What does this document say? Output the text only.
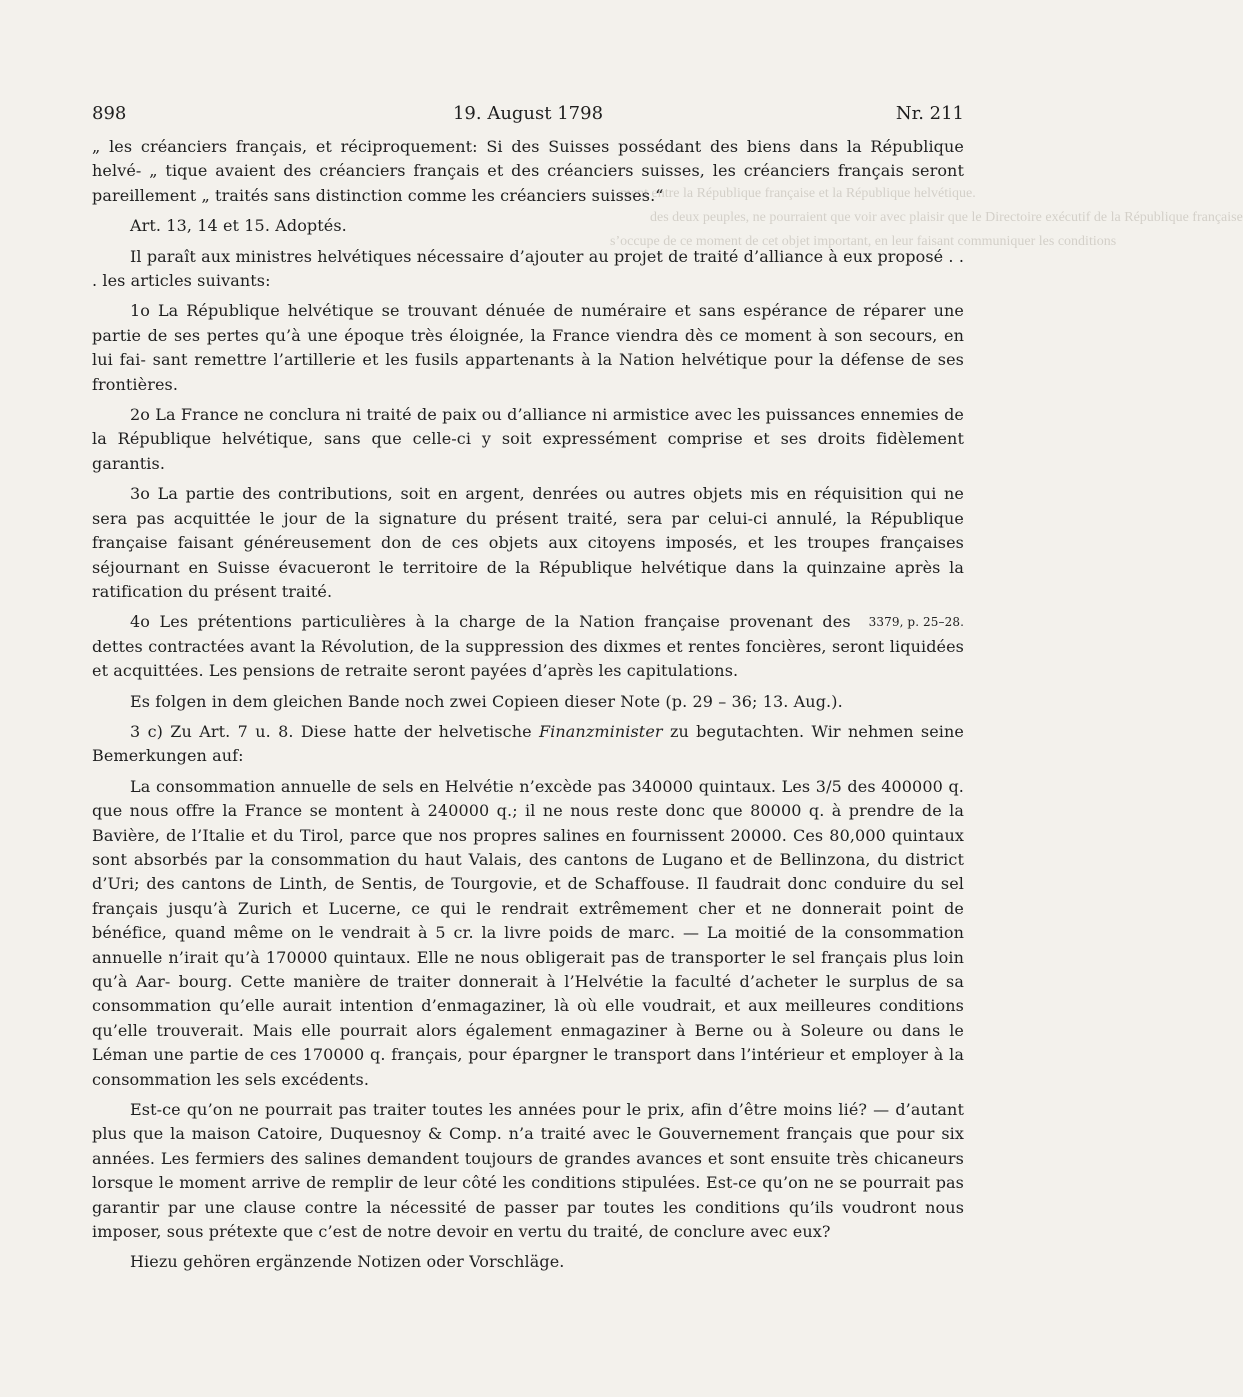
ment entre la République française et la République helvétique.
des deux peuples, ne pourraient que voir avec plaisir que le Directoire exécutif de la République française
s’occupe de ce moment de cet objet important, en leur faisant communiquer les conditions
898	19. August 1798	Nr. 211

„ les créanciers français, et réciproquement: Si des Suisses possédant des biens dans la République helvé- „ tique avaient des créanciers français et des créanciers suisses, les créanciers français seront pareillement „ traités sans distinction comme les créanciers suisses.“

Art. 13, 14 et 15. Adoptés.

Il paraît aux ministres helvétiques nécessaire d’ajouter au projet de traité d’alliance à eux proposé . . . les articles suivants:

1o La République helvétique se trouvant dénuée de numéraire et sans espérance de réparer une partie de ses pertes qu’à une époque très éloignée, la France viendra dès ce moment à son secours, en lui fai- sant remettre l’artillerie et les fusils appartenants à la Nation helvétique pour la défense de ses frontières.

2o La France ne conclura ni traité de paix ou d’alliance ni armistice avec les puissances ennemies de la République helvétique, sans que celle-ci y soit expressément comprise et ses droits fidèlement garantis.

3o La partie des contributions, soit en argent, denrées ou autres objets mis en réquisition qui ne sera pas acquittée le jour de la signature du présent traité, sera par celui-ci annulé, la République française faisant généreusement don de ces objets aux citoyens imposés, et les troupes françaises séjournant en Suisse évacueront le territoire de la République helvétique dans la quinzaine après la ratification du présent traité.

3379, p. 25–28.

4o Les prétentions particulières à la charge de la Nation française provenant des dettes contractées avant la Révolution, de la suppression des dixmes et rentes foncières, seront liquidées et acquittées. Les pensions de retraite seront payées d’après les capitulations.

Es folgen in dem gleichen Bande noch zwei Copieen dieser Note (p. 29 – 36; 13. Aug.).

3 c) Zu Art. 7 u. 8. Diese hatte der helvetische Finanzminister zu begutachten. Wir nehmen seine Bemerkungen auf:

La consommation annuelle de sels en Helvétie n’excède pas 340000 quintaux. Les 3/5 des 400000 q. que nous offre la France se montent à 240000 q.; il ne nous reste donc que 80000 q. à prendre de la Bavière, de l’Italie et du Tirol, parce que nos propres salines en fournissent 20000. Ces 80,000 quintaux sont absorbés par la consommation du haut Valais, des cantons de Lugano et de Bellinzona, du district d’Uri; des cantons de Linth, de Sentis, de Tourgovie, et de Schaffouse. Il faudrait donc conduire du sel français jusqu’à Zurich et Lucerne, ce qui le rendrait extrêmement cher et ne donnerait point de bénéfice, quand même on le vendrait à 5 cr. la livre poids de marc. — La moitié de la consommation annuelle n’irait qu’à 170000 quintaux. Elle ne nous obligerait pas de transporter le sel français plus loin qu’à Aar- bourg. Cette manière de traiter donnerait à l’Helvétie la faculté d’acheter le surplus de sa consommation qu’elle aurait intention d’enmagaziner, là où elle voudrait, et aux meilleures conditions qu’elle trouverait. Mais elle pourrait alors également enmagaziner à Berne ou à Soleure ou dans le Léman une partie de ces 170000 q. français, pour épargner le transport dans l’intérieur et employer à la consommation les sels excédents.

Est-ce qu’on ne pourrait pas traiter toutes les années pour le prix, afin d’être moins lié? — d’autant plus que la maison Catoire, Duquesnoy & Comp. n’a traité avec le Gouvernement français que pour six années. Les fermiers des salines demandent toujours de grandes avances et sont ensuite très chicaneurs lorsque le moment arrive de remplir de leur côté les conditions stipulées. Est-ce qu’on ne se pourrait pas garantir par une clause contre la nécessité de passer par toutes les conditions qu’ils voudront nous imposer, sous prétexte que c’est de notre devoir en vertu du traité, de conclure avec eux?

Hiezu gehören ergänzende Notizen oder Vorschläge.
